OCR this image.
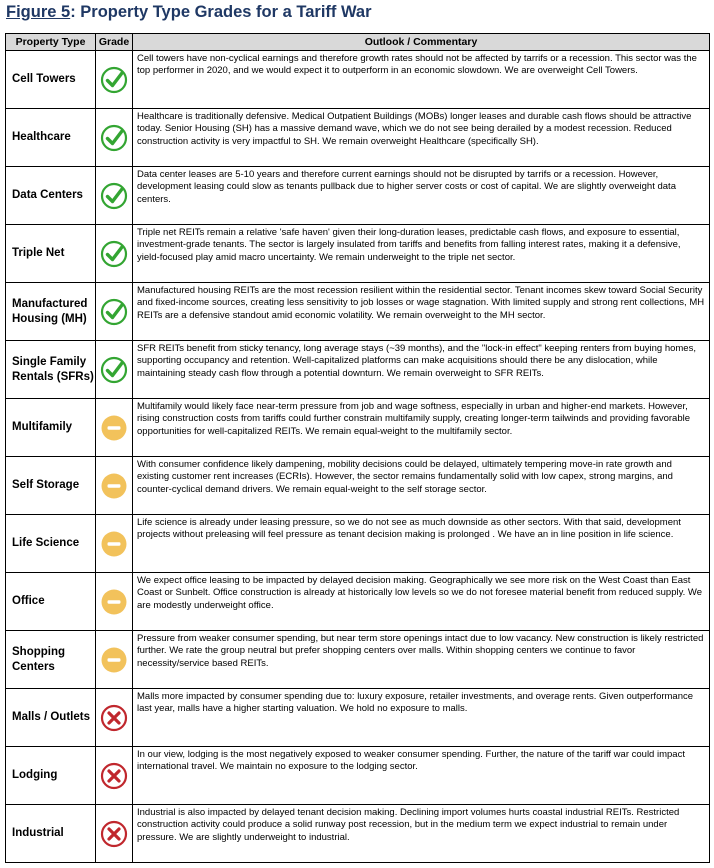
Figure 5: Property Type Grades for a Tariff War
Property Type	Grade	Outlook / Commentary
Cell Towers		Cell towers have non-cyclical earnings and therefore growth rates should not be affected by tarrifs or a recession. This sector was the top performer in 2020, and we would expect it to outperform in an economic slowdown. We are overweight Cell Towers.
Healthcare		Healthcare is traditionally defensive. Medical Outpatient Buildings (MOBs) longer leases and durable cash flows should be attractive today. Senior Housing (SH) has a massive demand wave, which we do not see being derailed by a modest recession. Reduced construction activity is very impactful to SH. We remain overweight Healthcare (specifically SH).
Data Centers		Data center leases are 5-10 years and therefore current earnings should not be disrupted by tarrifs or a recession. However, development leasing could slow as tenants pullback due to higher server costs or cost of capital. We are slightly overweight data centers.
Triple Net		Triple net REITs remain a relative 'safe haven' given their long-duration leases, predictable cash flows, and exposure to essential, investment-grade tenants. The sector is largely insulated from tariffs and benefits from falling interest rates, making it a defensive, yield-focused play amid macro uncertainty. We remain underweight to the triple net sector.
Manufactured Housing (MH)		Manufactured housing REITs are the most recession resilient within the residential sector. Tenant incomes skew toward Social Security and fixed-income sources, creating less sensitivity to job losses or wage stagnation. With limited supply and strong rent collections, MH REITs are a defensive standout amid economic volatility. We remain overweight to the MH sector.
Single Family Rentals (SFRs)		SFR REITs benefit from sticky tenancy, long average stays (~39 months), and the "lock-in effect" keeping renters from buying homes, supporting occupancy and retention. Well-capitalized platforms can make acquisitions should there be any dislocation, while maintaining steady cash flow through a potential downturn. We remain overweight to SFR REITs.
Multifamily		Multifamily would likely face near-term pressure from job and wage softness, especially in urban and higher-end markets. However, rising construction costs from tariffs could further constrain multifamily supply, creating longer-term tailwinds and providing favorable opportunities for well-capitalized REITs. We remain equal-weight to the multifamily sector.
Self Storage		With consumer confidence likely dampening, mobility decisions could be delayed, ultimately tempering move-in rate growth and existing customer rent increases (ECRIs). However, the sector remains fundamentally solid with low capex, strong margins, and counter-cyclical demand drivers. We remain equal-weight to the self storage sector.
Life Science		Life science is already under leasing pressure, so we do not see as much downside as other sectors. With that said, development projects without preleasing will feel pressure as tenant decision making is prolonged . We have an in line position in life science.
Office		We expect office leasing to be impacted by delayed decision making. Geographically we see more risk on the West Coast than East Coast or Sunbelt. Office construction is already at historically low levels so we do not foresee material benefit from reduced supply. We are modestly underweight office.
Shopping Centers		Pressure from weaker consumer spending, but near term store openings intact due to low vacancy. New construction is likely restricted further. We rate the group neutral but prefer shopping centers over malls. Within shopping centers we continue to favor necessity/service based REITs.
Malls / Outlets		Malls more impacted by consumer spending due to: luxury exposure, retailer investments, and overage rents. Given outperformance last year, malls have a higher starting valuation. We hold no exposure to malls.
Lodging		In our view, lodging is the most negatively exposed to weaker consumer spending. Further, the nature of the tariff war could impact international travel. We maintain no exposure to the lodging sector.
Industrial		Industrial is also impacted by delayed tenant decision making. Declining import volumes hurts coastal industrial REITs. Restricted construction activity could produce a solid runway post recession, but in the medium term we expect industrial to remain under pressure. We are slightly underweight to industrial.
